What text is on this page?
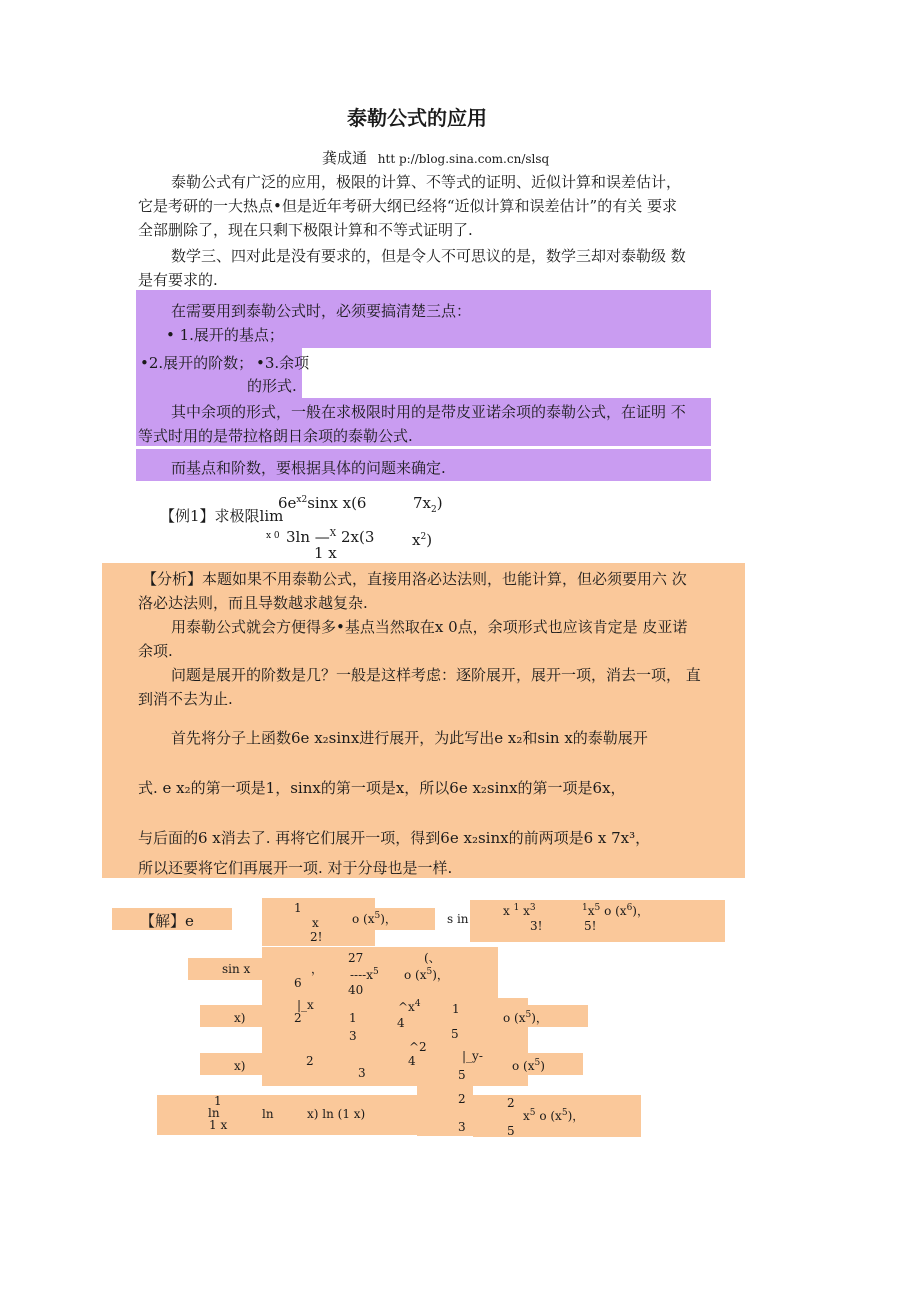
泰勒公式的应用
龚成通 htt p://blog.sina.com.cn/slsq
泰勒公式有广泛的应用，极限的计算、不等式的证明、近似计算和误差估计，
它是考研的一大热点•但是近年考研大纲已经将“近似计算和误差估计”的有关 要求
全部删除了，现在只剩下极限计算和不等式证明了.
数学三、四对此是没有要求的，但是令人不可思议的是，数学三却对泰勒级 数
是有要求的.
在需要用到泰勒公式时，必须要搞清楚三点：
• 1.展开的基点；
•2.展开的阶数； •3.余项
的形式.
其中余项的形式，一般在求极限时用的是带皮亚诺余项的泰勒公式，在证明 不
等式时用的是带拉格朗日余项的泰勒公式.
而基点和阶数，要根据具体的问题来确定.
$6e^{x2}\sin x$ x(6	$7x_2$)
【例1】求极限lim
x 0 3ln —$^X$ 2x(3	$x^2$)
1 x
【分析】本题如果不用泰勒公式，直接用洛必达法则，也能计算，但必须要用六 次
洛必达法则，而且导数越求越复杂.
用泰勒公式就会方便得多•基点当然取在x 0点，余项形式也应该肯定是 皮亚诺
余项.
问题是展开的阶数是几？一般是这样考虑：逐阶展开，展开一项，消去一项， 直
到消不去为止.
首先将分子上函数6e x₂sinx进行展开，为此写出e x₂和sin x的泰勒展开
式. e x₂的第一项是1，sinx的第一项是x，所以6e x₂sinx的第一项是6x，
与后面的6 x消去了. 再将它们展开一项，得到6e x₂sinx的前两项是6 x 7x³，
所以还要将它们再展开一项. 对于分母也是一样.
【解】e
1
x
2!
o $(x^5)$，	s in
x $^1$ $x^3$
3!
$^1x^5$ o $(x^6)$，
5!
sin x
27	(、
，
6
$----x^5$ o $(x^5)$，
40
x)
|_x
2	1
3
$\^{}x^4$
4
1
5
o $(x^5)$，
x)	2
3
^2
4	|_y-
5
o $(x^5)$
1
ln
1 x
ln	x) ln (1 x)
2
3
2
$x^5$ o $(x^5)$，
5
